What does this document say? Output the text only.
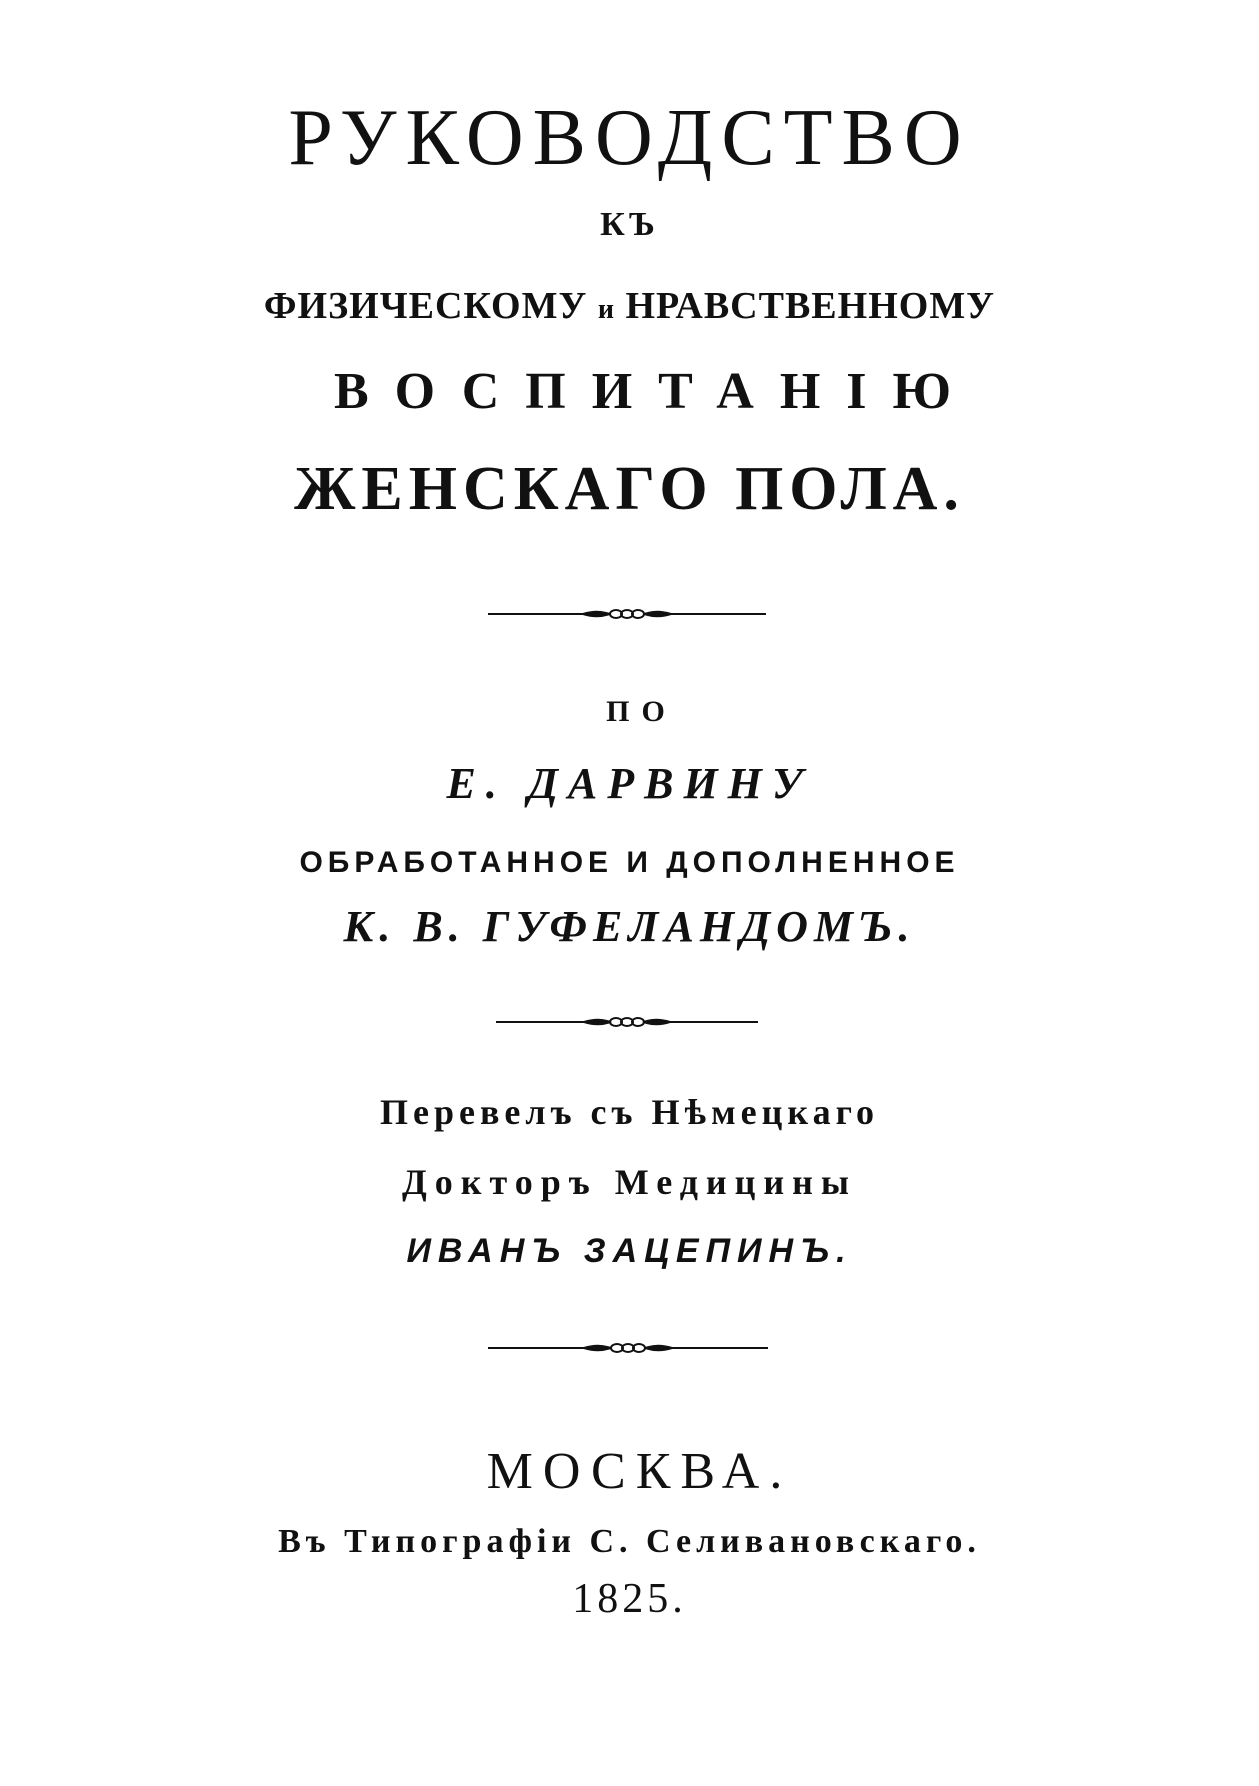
РУКОВОДСТВО
КЪ
ФИЗИЧЕСКОМУ и НРАВСТВЕННОМУ
ВОСПИТАНІЮ
ЖЕНСКАГО ПОЛА.
ПО
Е. ДАРВИНУ
ОБРАБОТАННОЕ И ДОПОЛНЕННОЕ
К. В. ГУФЕЛАНДОМЪ.
Перевелъ съ Нѣмецкаго
Докторъ Медицины
ИВАНЪ ЗАЦЕПИНЪ.
МОСКВА.
Въ Типографіи С. Селивановскаго.
1825.
